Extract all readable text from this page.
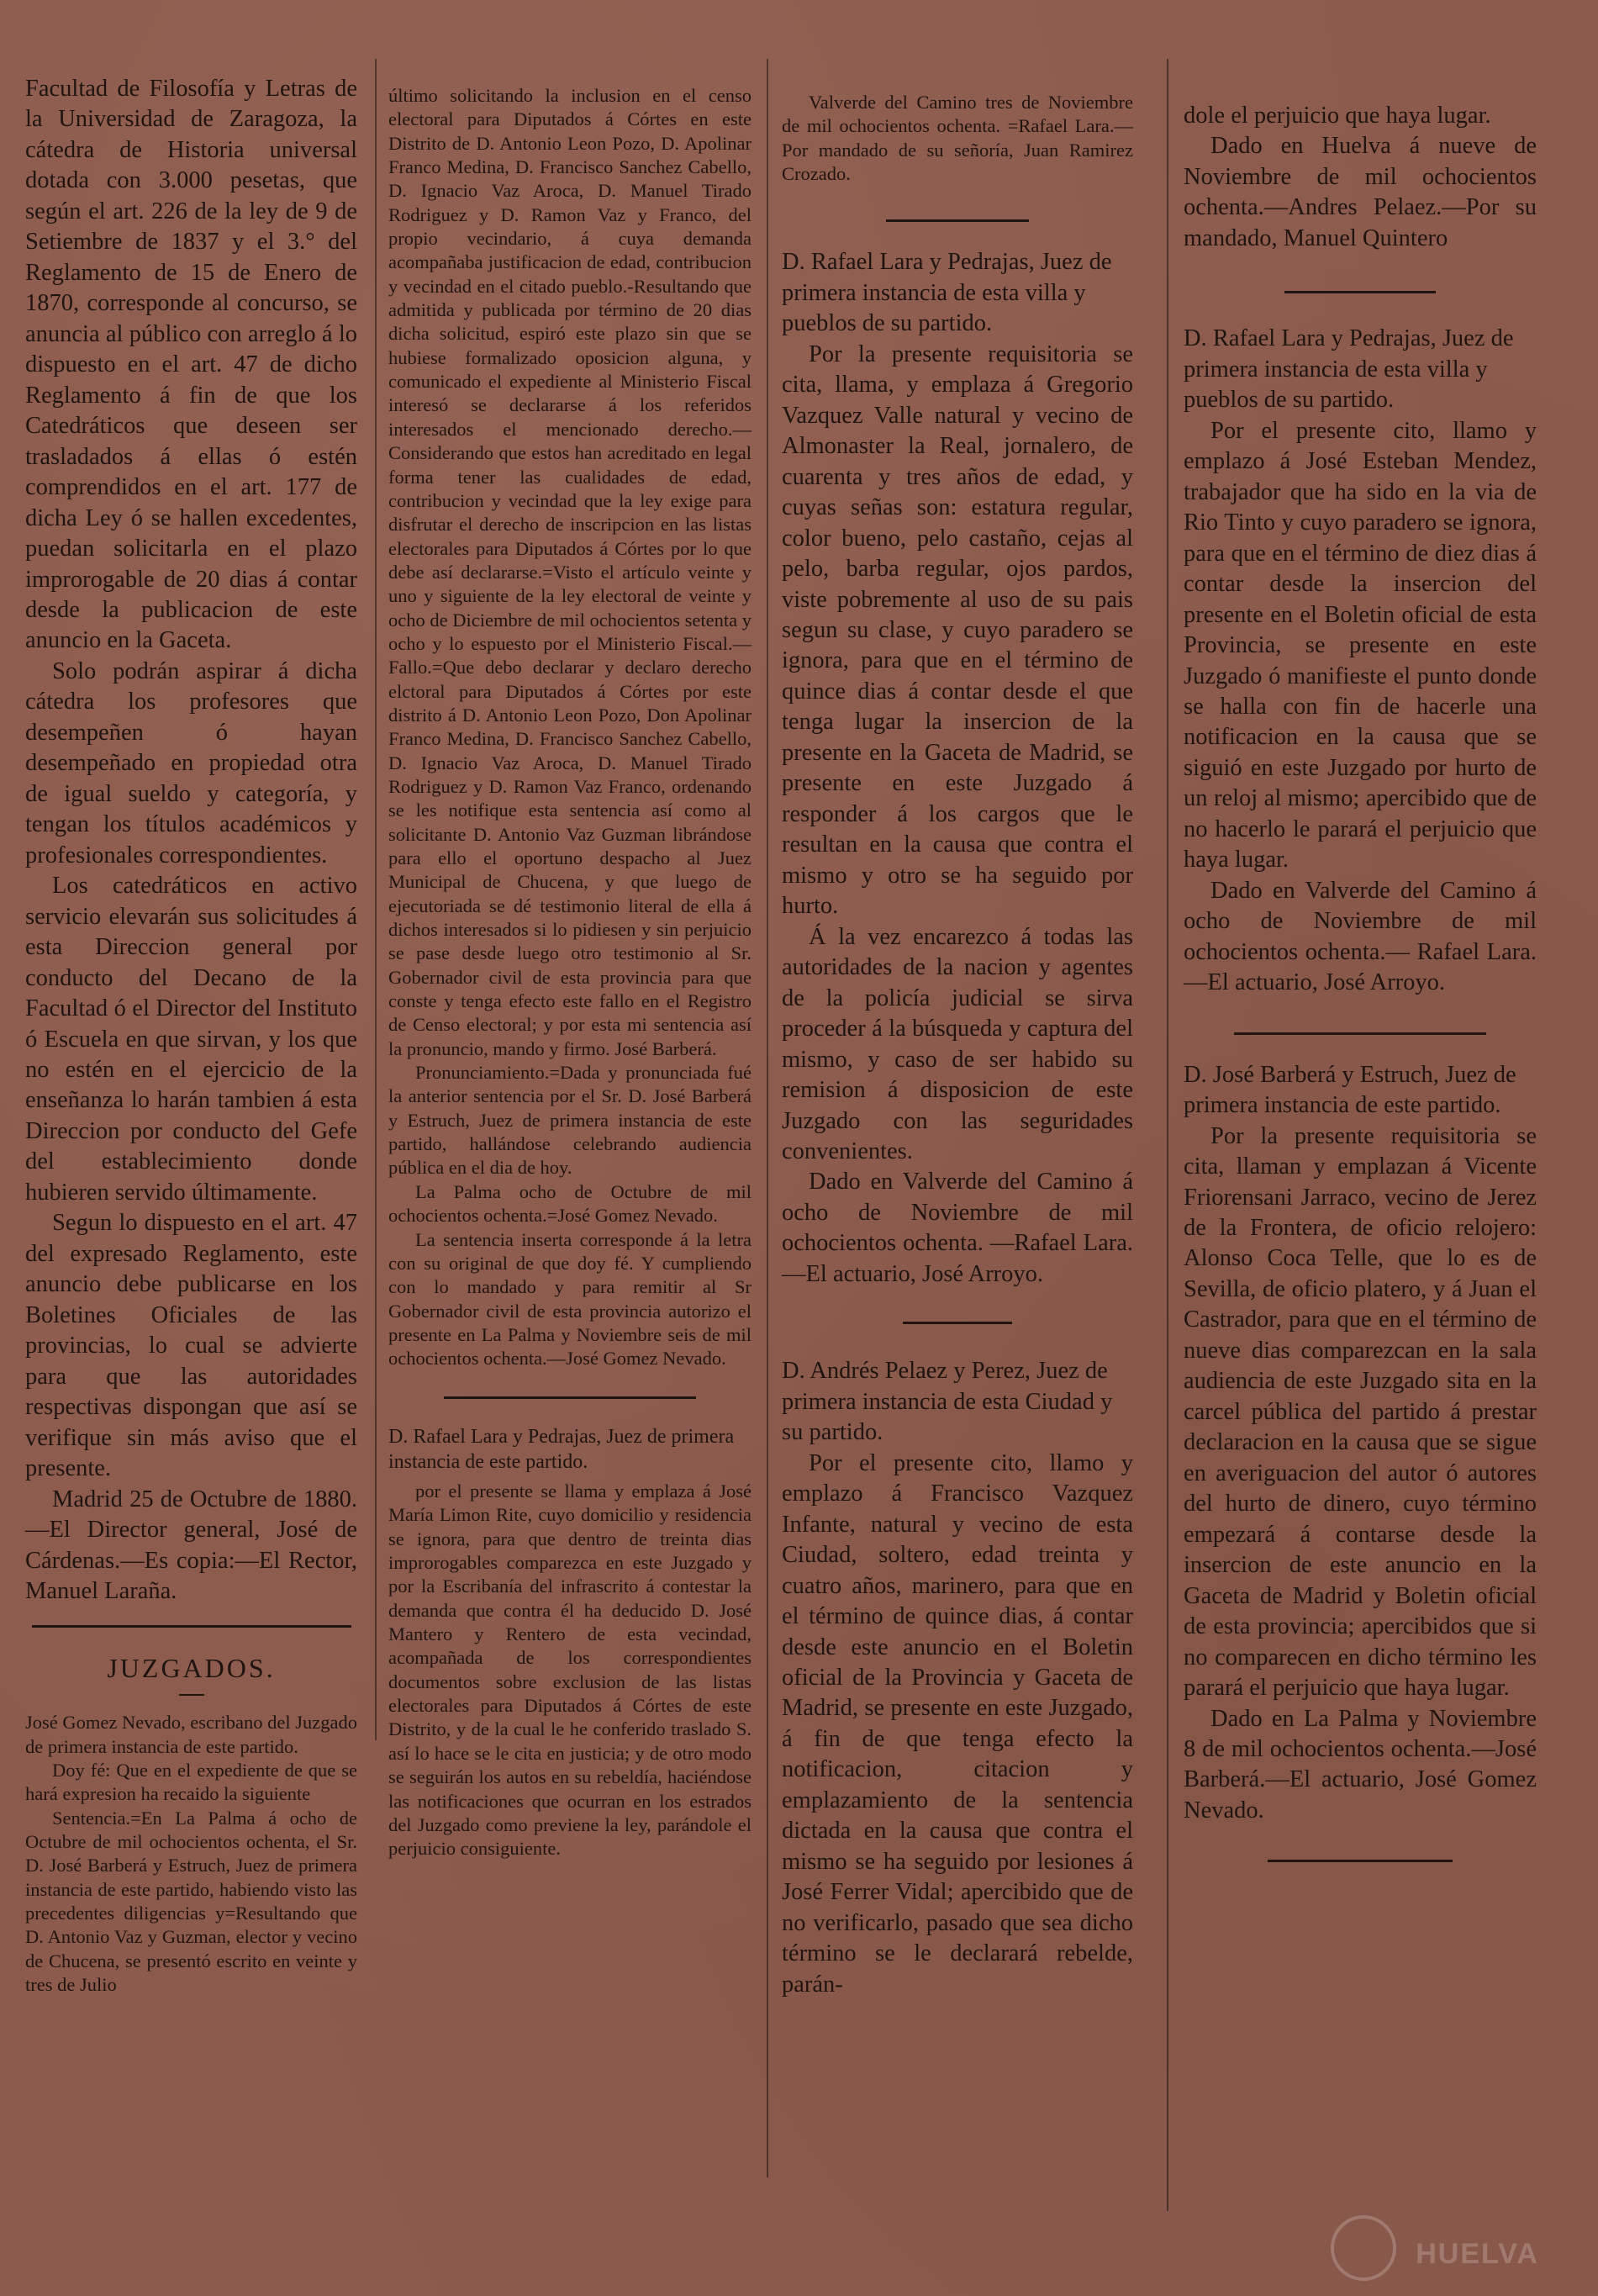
Facultad de Filosofía y Letras de la Universidad de Zaragoza, la cátedra de Historia universal dotada con 3.000 pesetas, que según el art. 226 de la ley de 9 de Setiembre de 1837 y el 3.° del Reglamento de 15 de Enero de 1870, corresponde al concurso, se anuncia al público con arreglo á lo dispuesto en el art. 47 de dicho Reglamento á fin de que los Catedráticos que deseen ser trasladados á ellas ó estén comprendidos en el art. 177 de dicha Ley ó se hallen excedentes, puedan solicitarla en el plazo improrogable de 20 dias á contar desde la publicacion de este anuncio en la Gaceta.

Solo podrán aspirar á dicha cátedra los profesores que desempeñen ó hayan desempeñado en propiedad otra de igual sueldo y categoría, y tengan los títulos académicos y profesionales correspondientes.

Los catedráticos en activo servicio elevarán sus solicitudes á esta Direccion general por conducto del Decano de la Facultad ó el Director del Instituto ó Escuela en que sirvan, y los que no estén en el ejercicio de la enseñanza lo harán tambien á esta Direccion por conducto del Gefe del establecimiento donde hubieren servido últimamente.

Segun lo dispuesto en el art. 47 del expresado Reglamento, este anuncio debe publicarse en los Boletines Oficiales de las provincias, lo cual se advierte para que las autoridades respectivas dispongan que así se verifique sin más aviso que el presente.

Madrid 25 de Octubre de 1880.—El Director general, José de Cárdenas.—Es copia:—El Rector, Manuel Laraña.

JUZGADOS.

José Gomez Nevado, escribano del Juzgado de primera instancia de este partido.

Doy fé: Que en el expediente de que se hará expresion ha recaido la siguiente

Sentencia.=En La Palma á ocho de Octubre de mil ochocientos ochenta, el Sr. D. José Barberá y Estruch, Juez de primera instancia de este partido, habiendo visto las precedentes diligencias y=Resultando que D. Antonio Vaz y Guzman, elector y vecino de Chucena, se presentó escrito en veinte y tres de Julio

último solicitando la inclusion en el censo electoral para Diputados á Córtes en este Distrito de D. Antonio Leon Pozo, D. Apolinar Franco Medina, D. Francisco Sanchez Cabello, D. Ignacio Vaz Aroca, D. Manuel Tirado Rodriguez y D. Ramon Vaz y Franco, del propio vecindario, á cuya demanda acompañaba justificacion de edad, contribucion y vecindad en el citado pueblo.-Resultando que admitida y publicada por término de 20 dias dicha solicitud, espiró este plazo sin que se hubiese formalizado oposicion alguna, y comunicado el expediente al Ministerio Fiscal interesó se declararse á los referidos interesados el mencionado derecho.—Considerando que estos han acreditado en legal forma tener las cualidades de edad, contribucion y vecindad que la ley exige para disfrutar el derecho de inscripcion en las listas electorales para Diputados á Córtes por lo que debe así declararse.=Visto el artículo veinte y uno y siguiente de la ley electoral de veinte y ocho de Diciembre de mil ochocientos setenta y ocho y lo espuesto por el Ministerio Fiscal.—Fallo.=Que debo declarar y declaro derecho elctoral para Diputados á Córtes por este distrito á D. Antonio Leon Pozo, Don Apolinar Franco Medina, D. Francisco Sanchez Cabello, D. Ignacio Vaz Aroca, D. Manuel Tirado Rodriguez y D. Ramon Vaz Franco, ordenando se les notifique esta sentencia así como al solicitante D. Antonio Vaz Guzman librándose para ello el oportuno despacho al Juez Municipal de Chucena, y que luego de ejecutoriada se dé testimonio literal de ella á dichos interesados si lo pidiesen y sin perjuicio se pase desde luego otro testimonio al Sr. Gobernador civil de esta provincia para que conste y tenga efecto este fallo en el Registro de Censo electoral; y por esta mi sentencia así la pronuncio, mando y firmo. José Barberá.

Pronunciamiento.=Dada y pronunciada fué la anterior sentencia por el Sr. D. José Barberá y Estruch, Juez de primera instancia de este partido, hallándose celebrando audiencia pública en el dia de hoy.

La Palma ocho de Octubre de mil ochocientos ochenta.=José Gomez Nevado.

La sentencia inserta corresponde á la letra con su original de que doy fé. Y cumpliendo con lo mandado y para remitir al Sr Gobernador civil de esta provincia autorizo el presente en La Palma y Noviembre seis de mil ochocientos ochenta.—José Gomez Nevado.

D. Rafael Lara y Pedrajas, Juez de primera instancia de este partido.

por el presente se llama y emplaza á José María Limon Rite, cuyo domicilio y residencia se ignora, para que dentro de treinta dias improrogables comparezca en este Juzgado y por la Escribanía del infrascrito á contestar la demanda que contra él ha deducido D. José Mantero y Rentero de esta vecindad, acompañada de los correspondientes documentos sobre exclusion de las listas electorales para Diputados á Córtes de este Distrito, y de la cual le he conferido traslado S. así lo hace se le cita en justicia; y de otro modo se seguirán los autos en su rebeldía, haciéndose las notificaciones que ocurran en los estrados del Juzgado como previene la ley, parándole el perjuicio consiguiente.

Valverde del Camino tres de Noviembre de mil ochocientos ochenta. =Rafael Lara.—Por mandado de su señoría, Juan Ramirez Crozado.

D. Rafael Lara y Pedrajas, Juez de primera instancia de esta villa y pueblos de su partido.

Por la presente requisitoria se cita, llama, y emplaza á Gregorio Vazquez Valle natural y vecino de Almonaster la Real, jornalero, de cuarenta y tres años de edad, y cuyas señas son: estatura regular, color bueno, pelo castaño, cejas al pelo, barba regular, ojos pardos, viste pobremente al uso de su pais segun su clase, y cuyo paradero se ignora, para que en el término de quince dias á contar desde el que tenga lugar la insercion de la presente en la Gaceta de Madrid, se presente en este Juzgado á responder á los cargos que le resultan en la causa que contra el mismo y otro se ha seguido por hurto.

Á la vez encarezco á todas las autoridades de la nacion y agentes de la policía judicial se sirva proceder á la búsqueda y captura del mismo, y caso de ser habido su remision á disposicion de este Juzgado con las seguridades convenientes.

Dado en Valverde del Camino á ocho de Noviembre de mil ochocientos ochenta. —Rafael Lara.—El actuario, José Arroyo.

D. Andrés Pelaez y Perez, Juez de primera instancia de esta Ciudad y su partido.

Por el presente cito, llamo y emplazo á Francisco Vazquez Infante, natural y vecino de esta Ciudad, soltero, edad treinta y cuatro años, marinero, para que en el término de quince dias, á contar desde este anuncio en el Boletin oficial de la Provincia y Gaceta de Madrid, se presente en este Juzgado, á fin de que tenga efecto la notificacion, citacion y emplazamiento de la sentencia dictada en la causa que contra el mismo se ha seguido por lesiones á José Ferrer Vidal; apercibido que de no verificarlo, pasado que sea dicho término se le declarará rebelde, parán-

dole el perjuicio que haya lugar.

Dado en Huelva á nueve de Noviembre de mil ochocientos ochenta.—Andres Pelaez.—Por su mandado, Manuel Quintero

D. Rafael Lara y Pedrajas, Juez de primera instancia de esta villa y pueblos de su partido.

Por el presente cito, llamo y emplazo á José Esteban Mendez, trabajador que ha sido en la via de Rio Tinto y cuyo paradero se ignora, para que en el término de diez dias á contar desde la insercion del presente en el Boletin oficial de esta Provincia, se presente en este Juzgado ó manifieste el punto donde se halla con fin de hacerle una notificacion en la causa que se siguió en este Juzgado por hurto de un reloj al mismo; apercibido que de no hacerlo le parará el perjuicio que haya lugar.

Dado en Valverde del Camino á ocho de Noviembre de mil ochocientos ochenta.— Rafael Lara.—El actuario, José Arroyo.

D. José Barberá y Estruch, Juez de primera instancia de este partido.

Por la presente requisitoria se cita, llaman y emplazan á Vicente Friorensani Jarraco, vecino de Jerez de la Frontera, de oficio relojero: Alonso Coca Telle, que lo es de Sevilla, de oficio platero, y á Juan el Castrador, para que en el término de nueve dias comparezcan en la sala audiencia de este Juzgado sita en la carcel pública del partido á prestar declaracion en la causa que se sigue en averiguacion del autor ó autores del hurto de dinero, cuyo término empezará á contarse desde la insercion de este anuncio en la Gaceta de Madrid y Boletin oficial de esta provincia; apercibidos que si no comparecen en dicho término les parará el perjuicio que haya lugar.

Dado en La Palma y Noviembre 8 de mil ochocientos ochenta.—José Barberá.—El actuario, José Gomez Nevado.

HUELVA
